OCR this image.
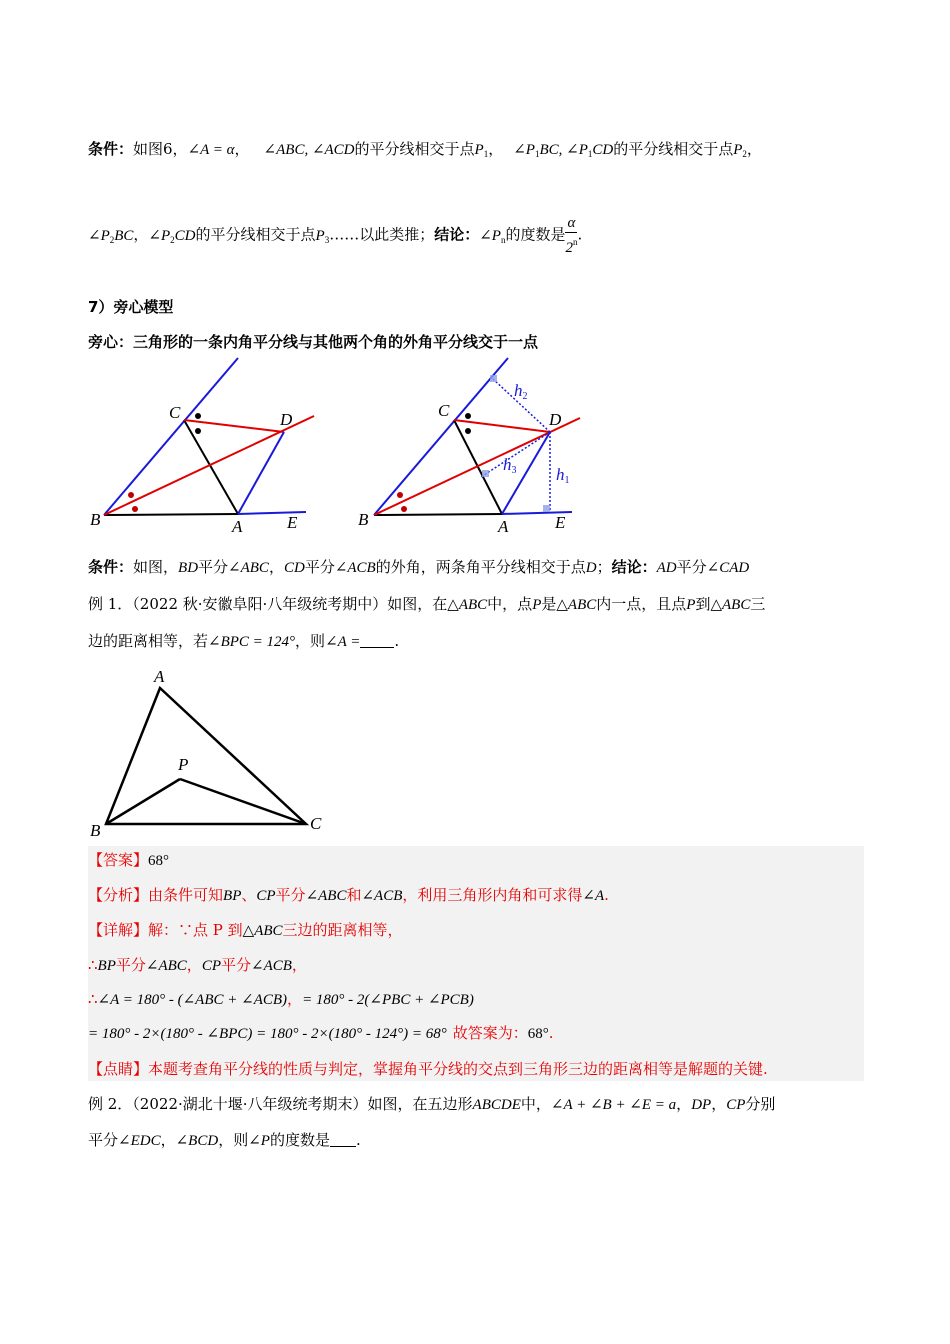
条件：如图6，∠A = α， ∠ABC, ∠ACD的平分线相交于点$P_1$， $\angle P_1BC$, $\angle P_1CD$的平分线相交于点$P_2$，
$\angle P_2BC$，$\angle P_2CD$的平分线相交于点$P_3\dots\dots$以此类推；结论：$\angle P_n$的度数是 $\frac{\alpha}{2^n}$ .
7）旁心模型
旁心：三角形的一条内角平分线与其他两个角的外角平分线交于一点
C	D
B	A	E
C	D
B	A	E
h1
h2
h3
条件：如图，BD平分∠ABC，CD平分∠ACB的外角，两条角平分线相交于点D；结论：AD平分∠CAD
例 1．（2022 秋·安徽阜阳·八年级统考期中）如图，在△ABC中，点P是△ABC内一点，且点P到△ABC三
边的距离相等，若∠BPC = 124°，则∠A = .
A
P
B	C
【答案】68°
【分析】由条件可知BP、CP平分∠ABC和∠ACB，利用三角形内角和可求得∠A.
【详解】解：∵点 P 到△ABC三边的距离相等，
∴BP平分∠ABC，CP平分∠ACB，
∴∠A = 180° - (∠ABC + ∠ACB)，= 180° - 2(∠PBC + ∠PCB)
= 180° - 2×(180° - ∠BPC) = 180° - 2×(180° - 124°) = 68° 故答案为：68°.
【点睛】本题考查角平分线的性质与判定，掌握角平分线的交点到三角形三边的距离相等是解题的关键.
例 2．（2022·湖北十堰·八年级统考期末）如图，在五边形ABCDE中，∠A + ∠B + ∠E = a，DP，CP分别
平分∠EDC，∠BCD，则∠P的度数是 .
